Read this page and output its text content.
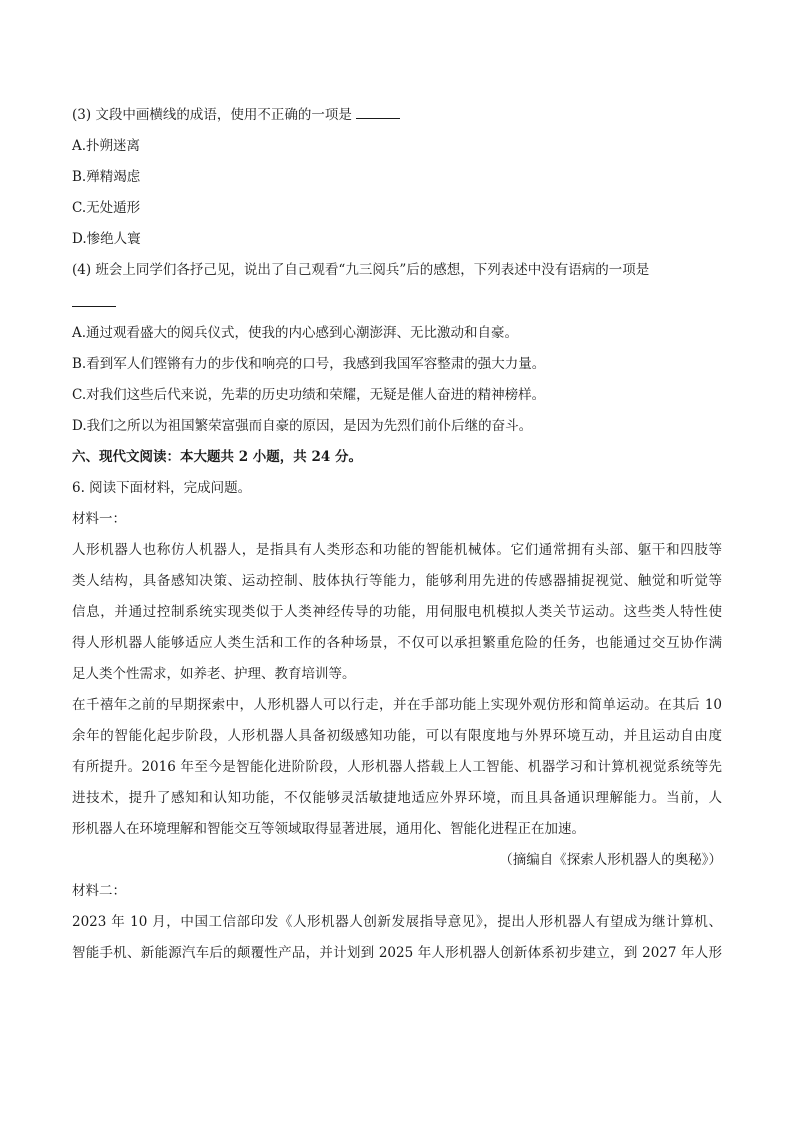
(3) 文段中画横线的成语，使用不正确的一项是
A.扑朔迷离
B.殚精竭虑
C.无处遁形
D.惨绝人寰
(4) 班会上同学们各抒己见，说出了自己观看“九三阅兵”后的感想，下列表述中没有语病的一项是
A.通过观看盛大的阅兵仪式，使我的内心感到心潮澎湃、无比激动和自豪。
B.看到军人们铿锵有力的步伐和响亮的口号，我感到我国军容整肃的强大力量。
C.对我们这些后代来说，先辈的历史功绩和荣耀，无疑是催人奋进的精神榜样。
D.我们之所以为祖国繁荣富强而自豪的原因，是因为先烈们前仆后继的奋斗。
六、现代文阅读：本大题共 2 小题，共 24 分。
6. 阅读下面材料，完成问题。
材料一：
人形机器人也称仿人机器人，是指具有人类形态和功能的智能机械体。它们通常拥有头部、躯干和四肢等
类人结构，具备感知决策、运动控制、肢体执行等能力，能够利用先进的传感器捕捉视觉、触觉和听觉等
信息，并通过控制系统实现类似于人类神经传导的功能，用伺服电机模拟人类关节运动。这些类人特性使
得人形机器人能够适应人类生活和工作的各种场景，不仅可以承担繁重危险的任务，也能通过交互协作满
足人类个性需求，如养老、护理、教育培训等。
在千禧年之前的早期探索中，人形机器人可以行走，并在手部功能上实现外观仿形和简单运动。在其后 10
余年的智能化起步阶段，人形机器人具备初级感知功能，可以有限度地与外界环境互动，并且运动自由度
有所提升。2016 年至今是智能化进阶阶段，人形机器人搭载上人工智能、机器学习和计算机视觉系统等先
进技术，提升了感知和认知功能，不仅能够灵活敏捷地适应外界环境，而且具备通识理解能力。当前，人
形机器人在环境理解和智能交互等领域取得显著进展，通用化、智能化进程正在加速。
（摘编自《探索人形机器人的奥秘》）
材料二：
2023 年 10 月，中国工信部印发《人形机器人创新发展指导意见》，提出人形机器人有望成为继计算机、
智能手机、新能源汽车后的颠覆性产品，并计划到 2025 年人形机器人创新体系初步建立，到 2027 年人形
